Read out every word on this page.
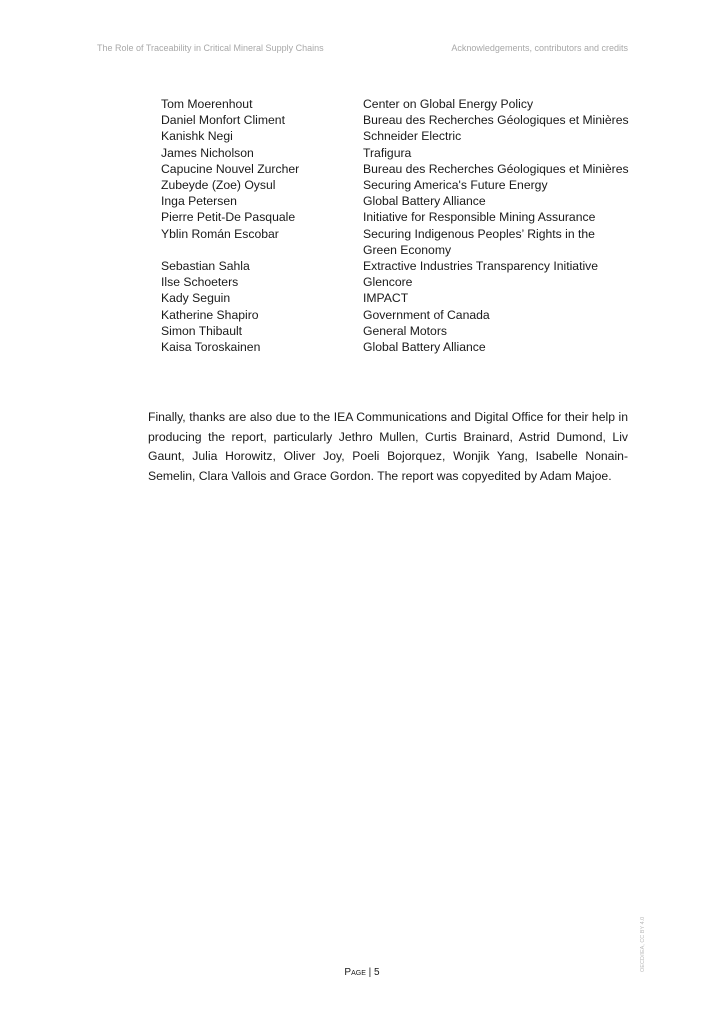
The Role of Traceability in Critical Mineral Supply Chains	Acknowledgements, contributors and credits
Tom Moerenhout	Center on Global Energy Policy
Daniel Monfort Climent	Bureau des Recherches Géologiques et Minières
Kanishk Negi	Schneider Electric
James Nicholson	Trafigura
Capucine Nouvel Zurcher	Bureau des Recherches Géologiques et Minières
Zubeyde (Zoe) Oysul	Securing America's Future Energy
Inga Petersen	Global Battery Alliance
Pierre Petit-De Pasquale	Initiative for Responsible Mining Assurance
Yblin Román Escobar	Securing Indigenous Peoples’ Rights in the Green Economy
Sebastian Sahla	Extractive Industries Transparency Initiative
Ilse Schoeters	Glencore
Kady Seguin	IMPACT
Katherine Shapiro	Government of Canada
Simon Thibault	General Motors
Kaisa Toroskainen	Global Battery Alliance

Finally, thanks are also due to the IEA Communications and Digital Office for their help in producing the report, particularly Jethro Mullen, Curtis Brainard, Astrid Dumond, Liv Gaunt, Julia Horowitz, Oliver Joy, Poeli Bojorquez, Wonjik Yang, Isabelle Nonain-Semelin, Clara Vallois and Grace Gordon. The report was copyedited by Adam Majoe.

Page | 5
OECD/IEA, CC BY 4.0
